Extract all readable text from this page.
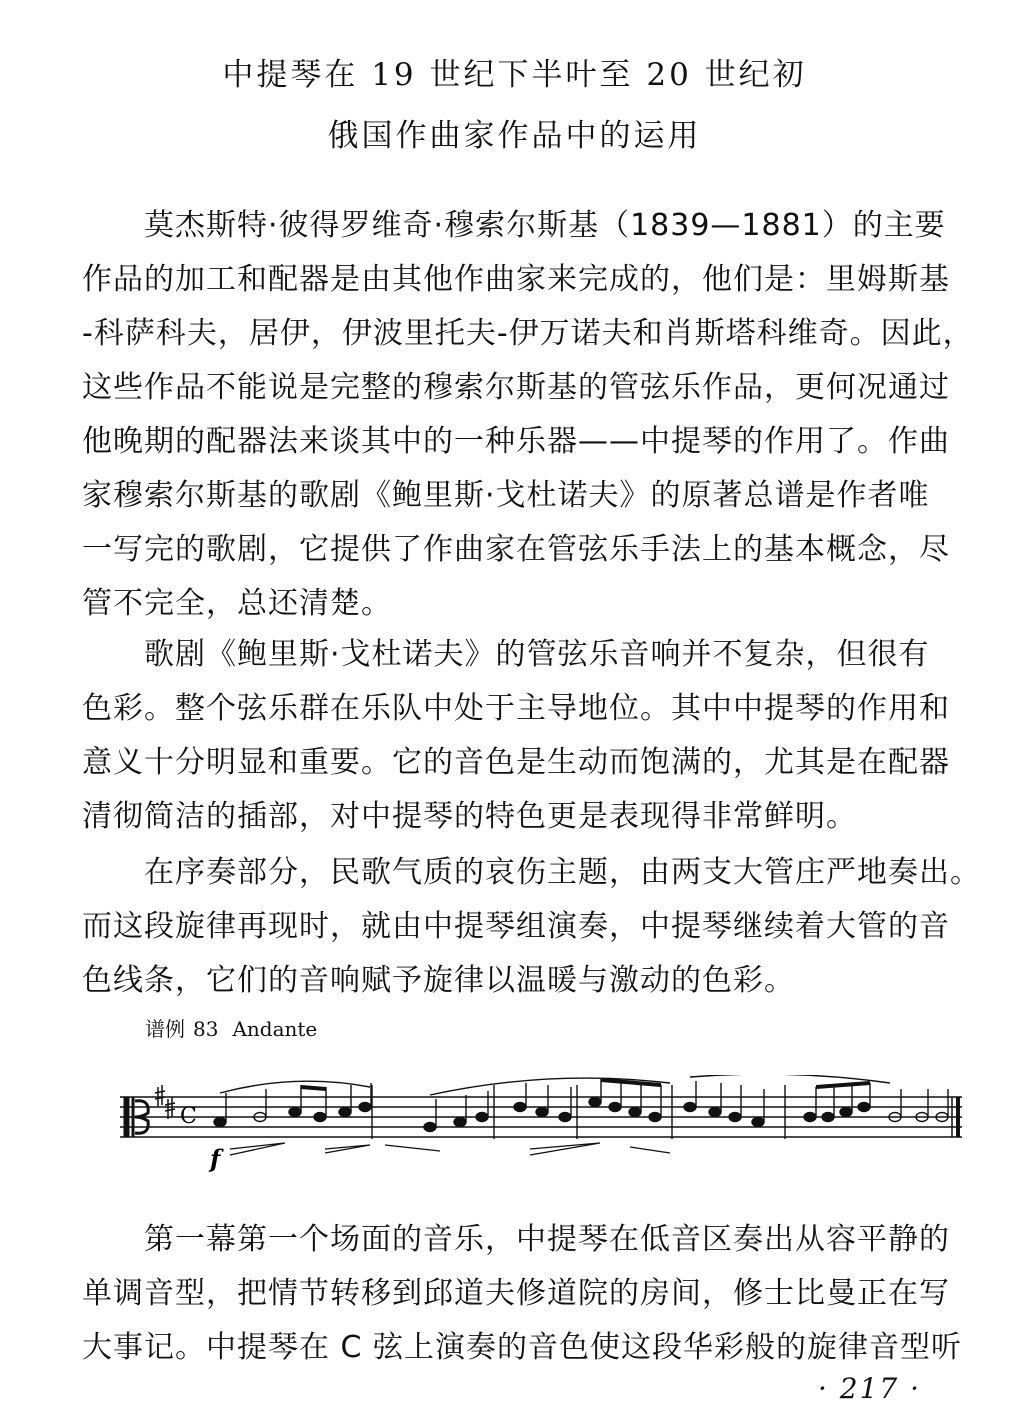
中提琴在 19 世纪下半叶至 20 世纪初
俄国作曲家作品中的运用
　　莫杰斯特·彼得罗维奇·穆索尔斯基（1839—1881）的主要
作品的加工和配器是由其他作曲家来完成的，他们是：里姆斯基
-科萨科夫，居伊，伊波里托夫-伊万诺夫和肖斯塔科维奇。因此，
这些作品不能说是完整的穆索尔斯基的管弦乐作品，更何况通过
他晚期的配器法来谈其中的一种乐器——中提琴的作用了。作曲
家穆索尔斯基的歌剧《鲍里斯·戈杜诺夫》的原著总谱是作者唯
一写完的歌剧，它提供了作曲家在管弦乐手法上的基本概念，尽
管不完全，总还清楚。
　　歌剧《鲍里斯·戈杜诺夫》的管弦乐音响并不复杂，但很有
色彩。整个弦乐群在乐队中处于主导地位。其中中提琴的作用和
意义十分明显和重要。它的音色是生动而饱满的，尤其是在配器
清彻简洁的插部，对中提琴的特色更是表现得非常鲜明。
　　在序奏部分，民歌气质的哀伤主题，由两支大管庄严地奏出。
而这段旋律再现时，就由中提琴组演奏，中提琴继续着大管的音
色线条，它们的音响赋予旋律以温暖与激动的色彩。
谱例 83 Andante
C
f
　　第一幕第一个场面的音乐，中提琴在低音区奏出从容平静的
单调音型，把情节转移到邱道夫修道院的房间，修士比曼正在写
大事记。中提琴在 C 弦上演奏的音色使这段华彩般的旋律音型听
· 217 ·
